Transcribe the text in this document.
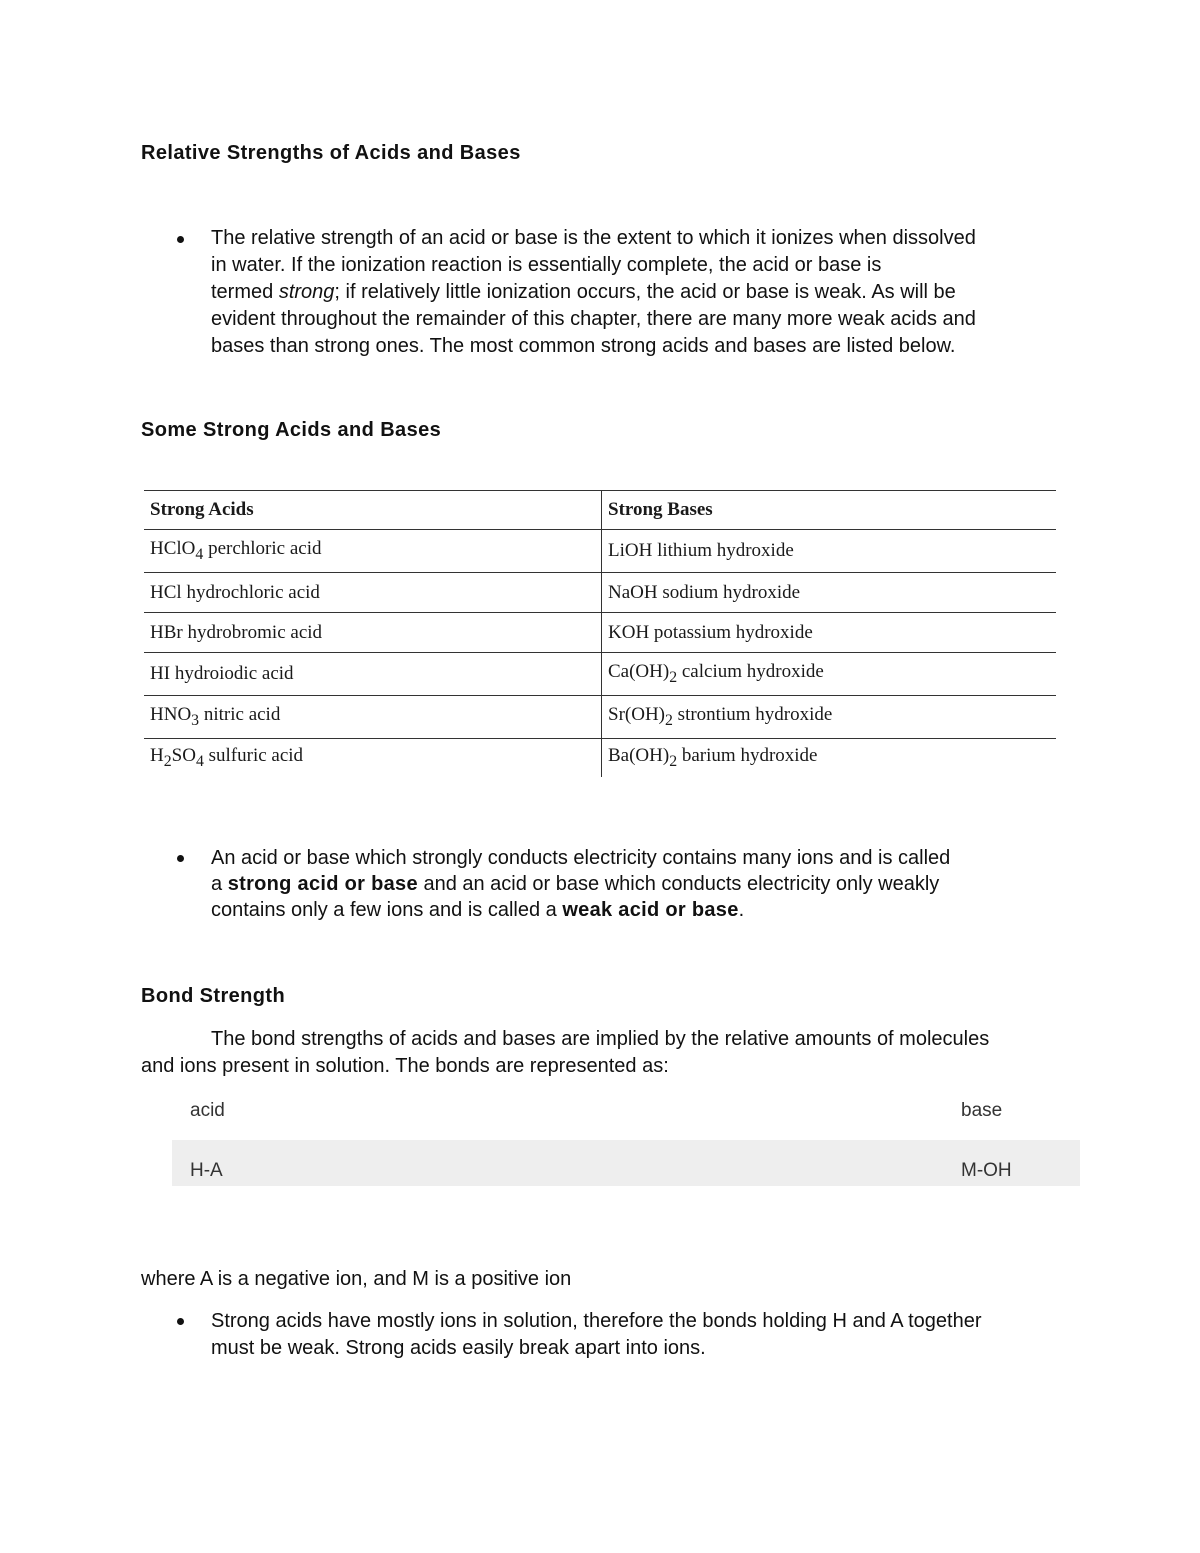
Relative Strengths of Acids and Bases
The relative strength of an acid or base is the extent to which it ionizes when dissolved
in water. If the ionization reaction is essentially complete, the acid or base is
termed strong; if relatively little ionization occurs, the acid or base is weak. As will be
evident throughout the remainder of this chapter, there are many more weak acids and
bases than strong ones. The most common strong acids and bases are listed below.
Some Strong Acids and Bases
Strong Acids	Strong Bases
HClO$_4$ perchloric acid	LiOH lithium hydroxide
HCl hydrochloric acid	NaOH sodium hydroxide
HBr hydrobromic acid	KOH potassium hydroxide
HI hydroiodic acid	$Ca(OH)_2$ calcium hydroxide
$HNO_3$ nitric acid	$Sr(OH)_2$ strontium hydroxide
$H_2SO_4$ sulfuric acid	$Ba(OH)_2$ barium hydroxide
An acid or base which strongly conducts electricity contains many ions and is called
a strong acid or base and an acid or base which conducts electricity only weakly
contains only a few ions and is called a weak acid or base.
Bond Strength
The bond strengths of acids and bases are implied by the relative amounts of molecules
and ions present in solution. The bonds are represented as:
acid	base
H-A	M-OH
where A is a negative ion, and M is a positive ion
Strong acids have mostly ions in solution, therefore the bonds holding H and A together
must be weak. Strong acids easily break apart into ions.
